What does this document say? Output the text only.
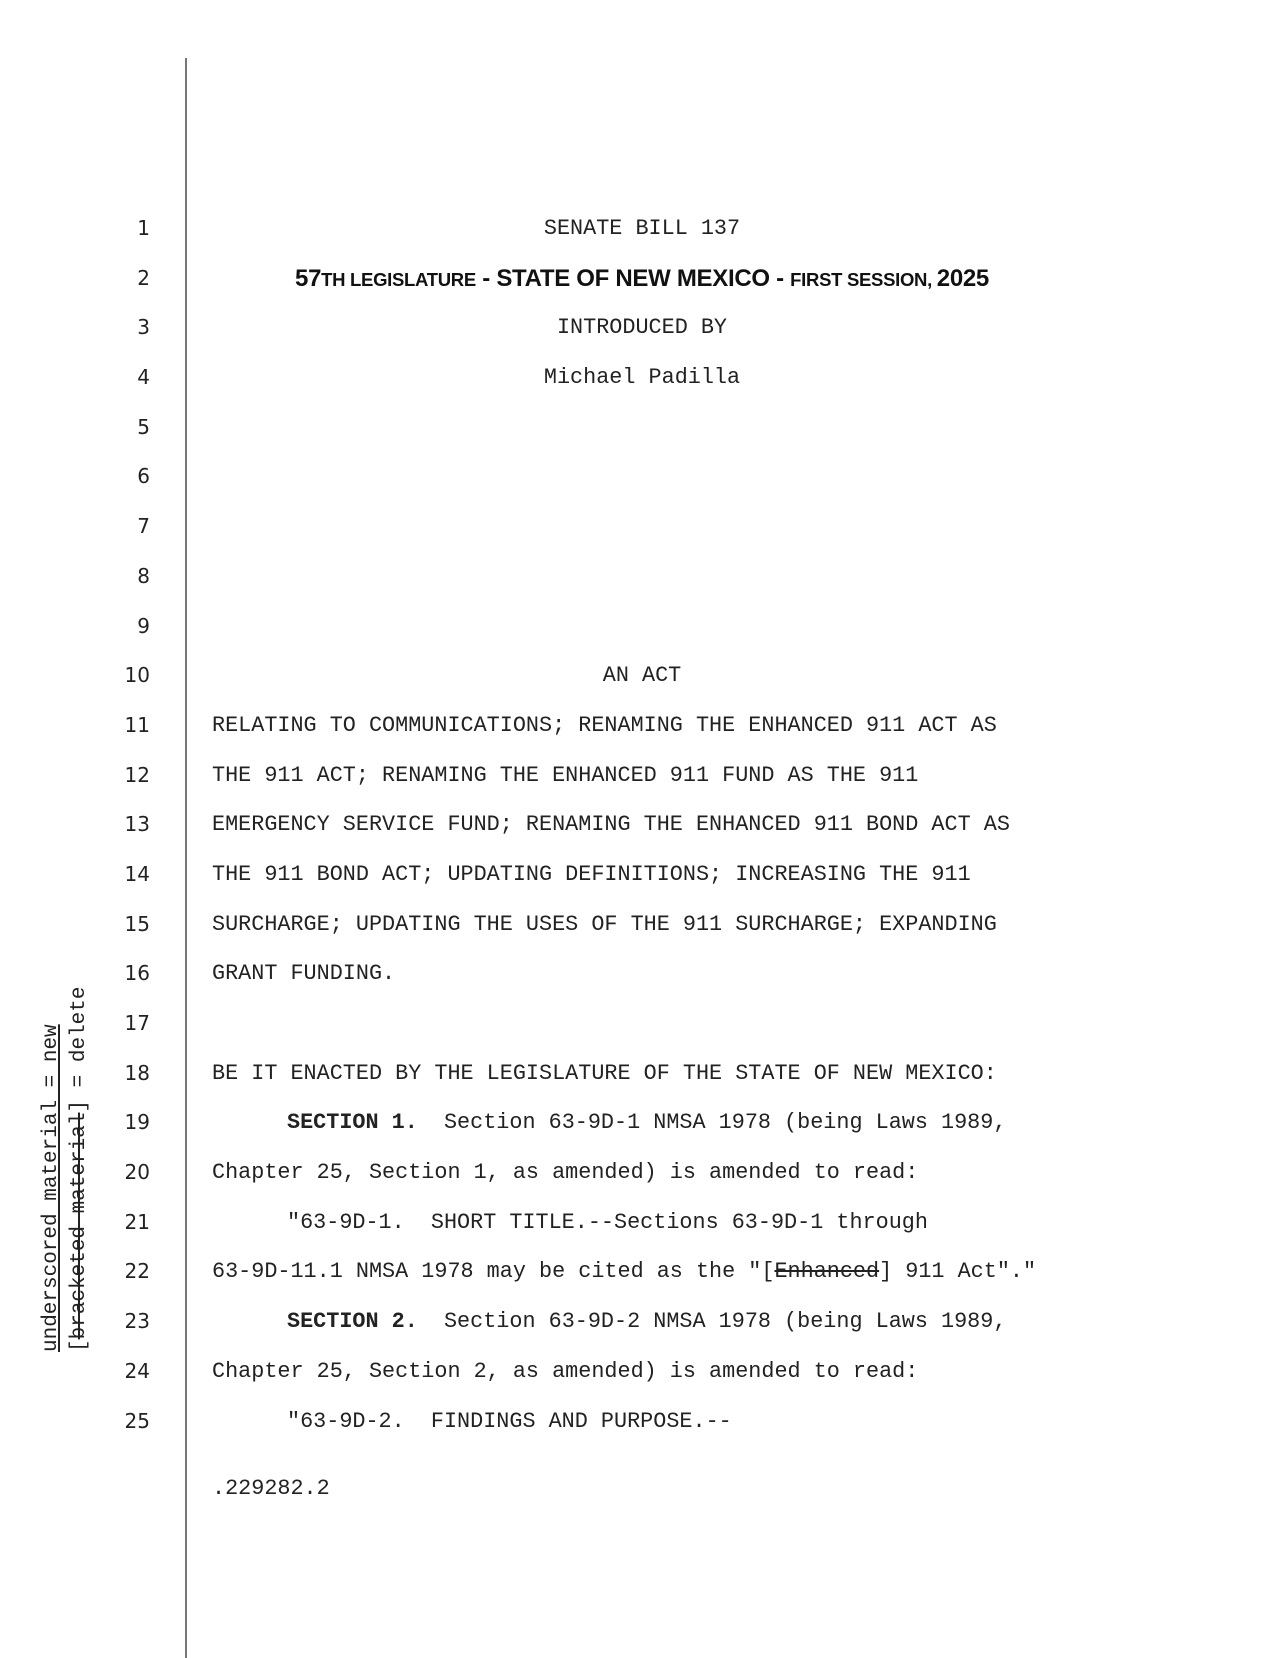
underscored material = new [bracketed material] = delete
1
2
3
4
5
6
7
8
9
10
11
12
13
14
15
16
17
18
19
20
21
22
23
24
25
SENATE BILL 137
57TH LEGISLATURE - STATE OF NEW MEXICO - FIRST SESSION, 2025
INTRODUCED BY
Michael Padilla
AN ACT
RELATING TO COMMUNICATIONS; RENAMING THE ENHANCED 911 ACT AS
THE 911 ACT; RENAMING THE ENHANCED 911 FUND AS THE 911
EMERGENCY SERVICE FUND; RENAMING THE ENHANCED 911 BOND ACT AS
THE 911 BOND ACT; UPDATING DEFINITIONS; INCREASING THE 911
SURCHARGE; UPDATING THE USES OF THE 911 SURCHARGE; EXPANDING
GRANT FUNDING.
BE IT ENACTED BY THE LEGISLATURE OF THE STATE OF NEW MEXICO:
SECTION 1.  Section 63-9D-1 NMSA 1978 (being Laws 1989,
Chapter 25, Section 1, as amended) is amended to read:
"63-9D-1.  SHORT TITLE.--Sections 63-9D-1 through
63-9D-11.1 NMSA 1978 may be cited as the "[Enhanced] 911 Act"."
SECTION 2.  Section 63-9D-2 NMSA 1978 (being Laws 1989,
Chapter 25, Section 2, as amended) is amended to read:
"63-9D-2.  FINDINGS AND PURPOSE.--
.229282.2
